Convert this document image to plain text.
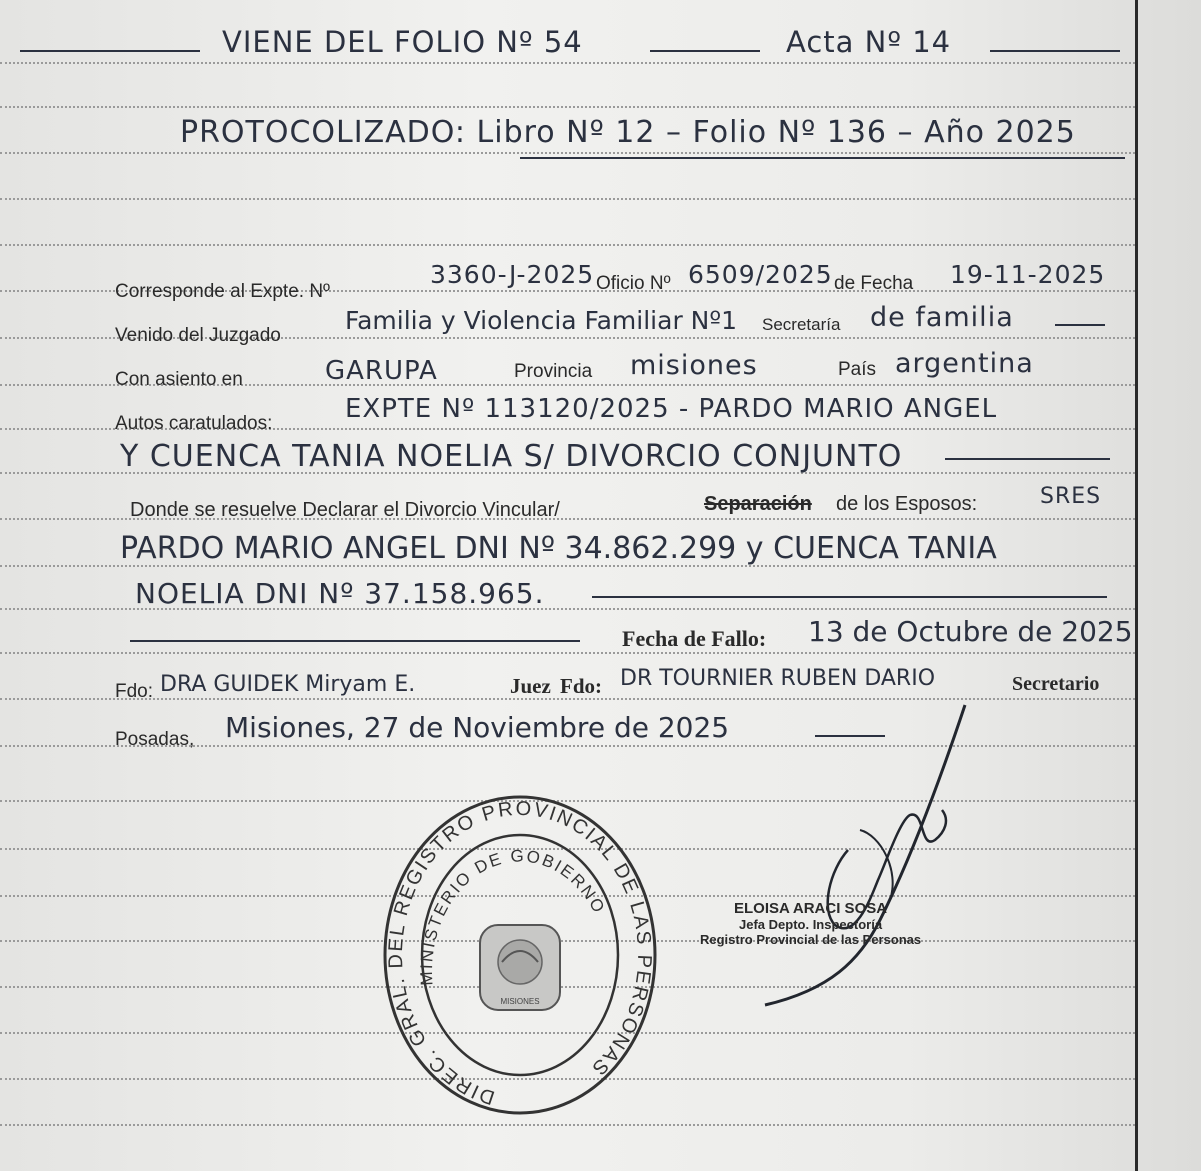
VIENE DEL FOLIO Nº 54	Acta Nº 14
PROTOCOLIZADO: Libro Nº 12 – Folio Nº 136 – Año 2025
Corresponde al Expte. Nº
3360-J-2025 Oficio Nº 6509/2025 de Fecha 19-11-2025
Venido del Juzgado
Familia y Violencia Familiar Nº1 Secretaría de familia
Con asiento en	GARUPA	Provincia misiones	País argentina
Autos caratulados:	EXPTE Nº 113120/2025 - PARDO MARIO ANGEL
Y CUENCA TANIA NOELIA S/ DIVORCIO CONJUNTO
Donde se resuelve Declarar el Divorcio Vincular/	Separación de los Esposos:	SRES
PARDO MARIO ANGEL DNI Nº 34.862.299 y CUENCA TANIA
NOELIA DNI Nº 37.158.965.
Fecha de Fallo: 13 de Octubre de 2025
Fdo: DRA GUIDEK Miryam E.	Juez Fdo: DR TOURNIER RUBEN DARIO	Secretario
Posadas, Misiones, 27 de Noviembre de 2025
DIREC. GRAL. DEL REGISTRO PROVINCIAL DE LAS PERSONAS
MINISTERIO DE GOBIERNO
MISIONES
ELOISA ARACI SOSA
Jefa Depto. Inspectoría
Registro Provincial de las Personas
